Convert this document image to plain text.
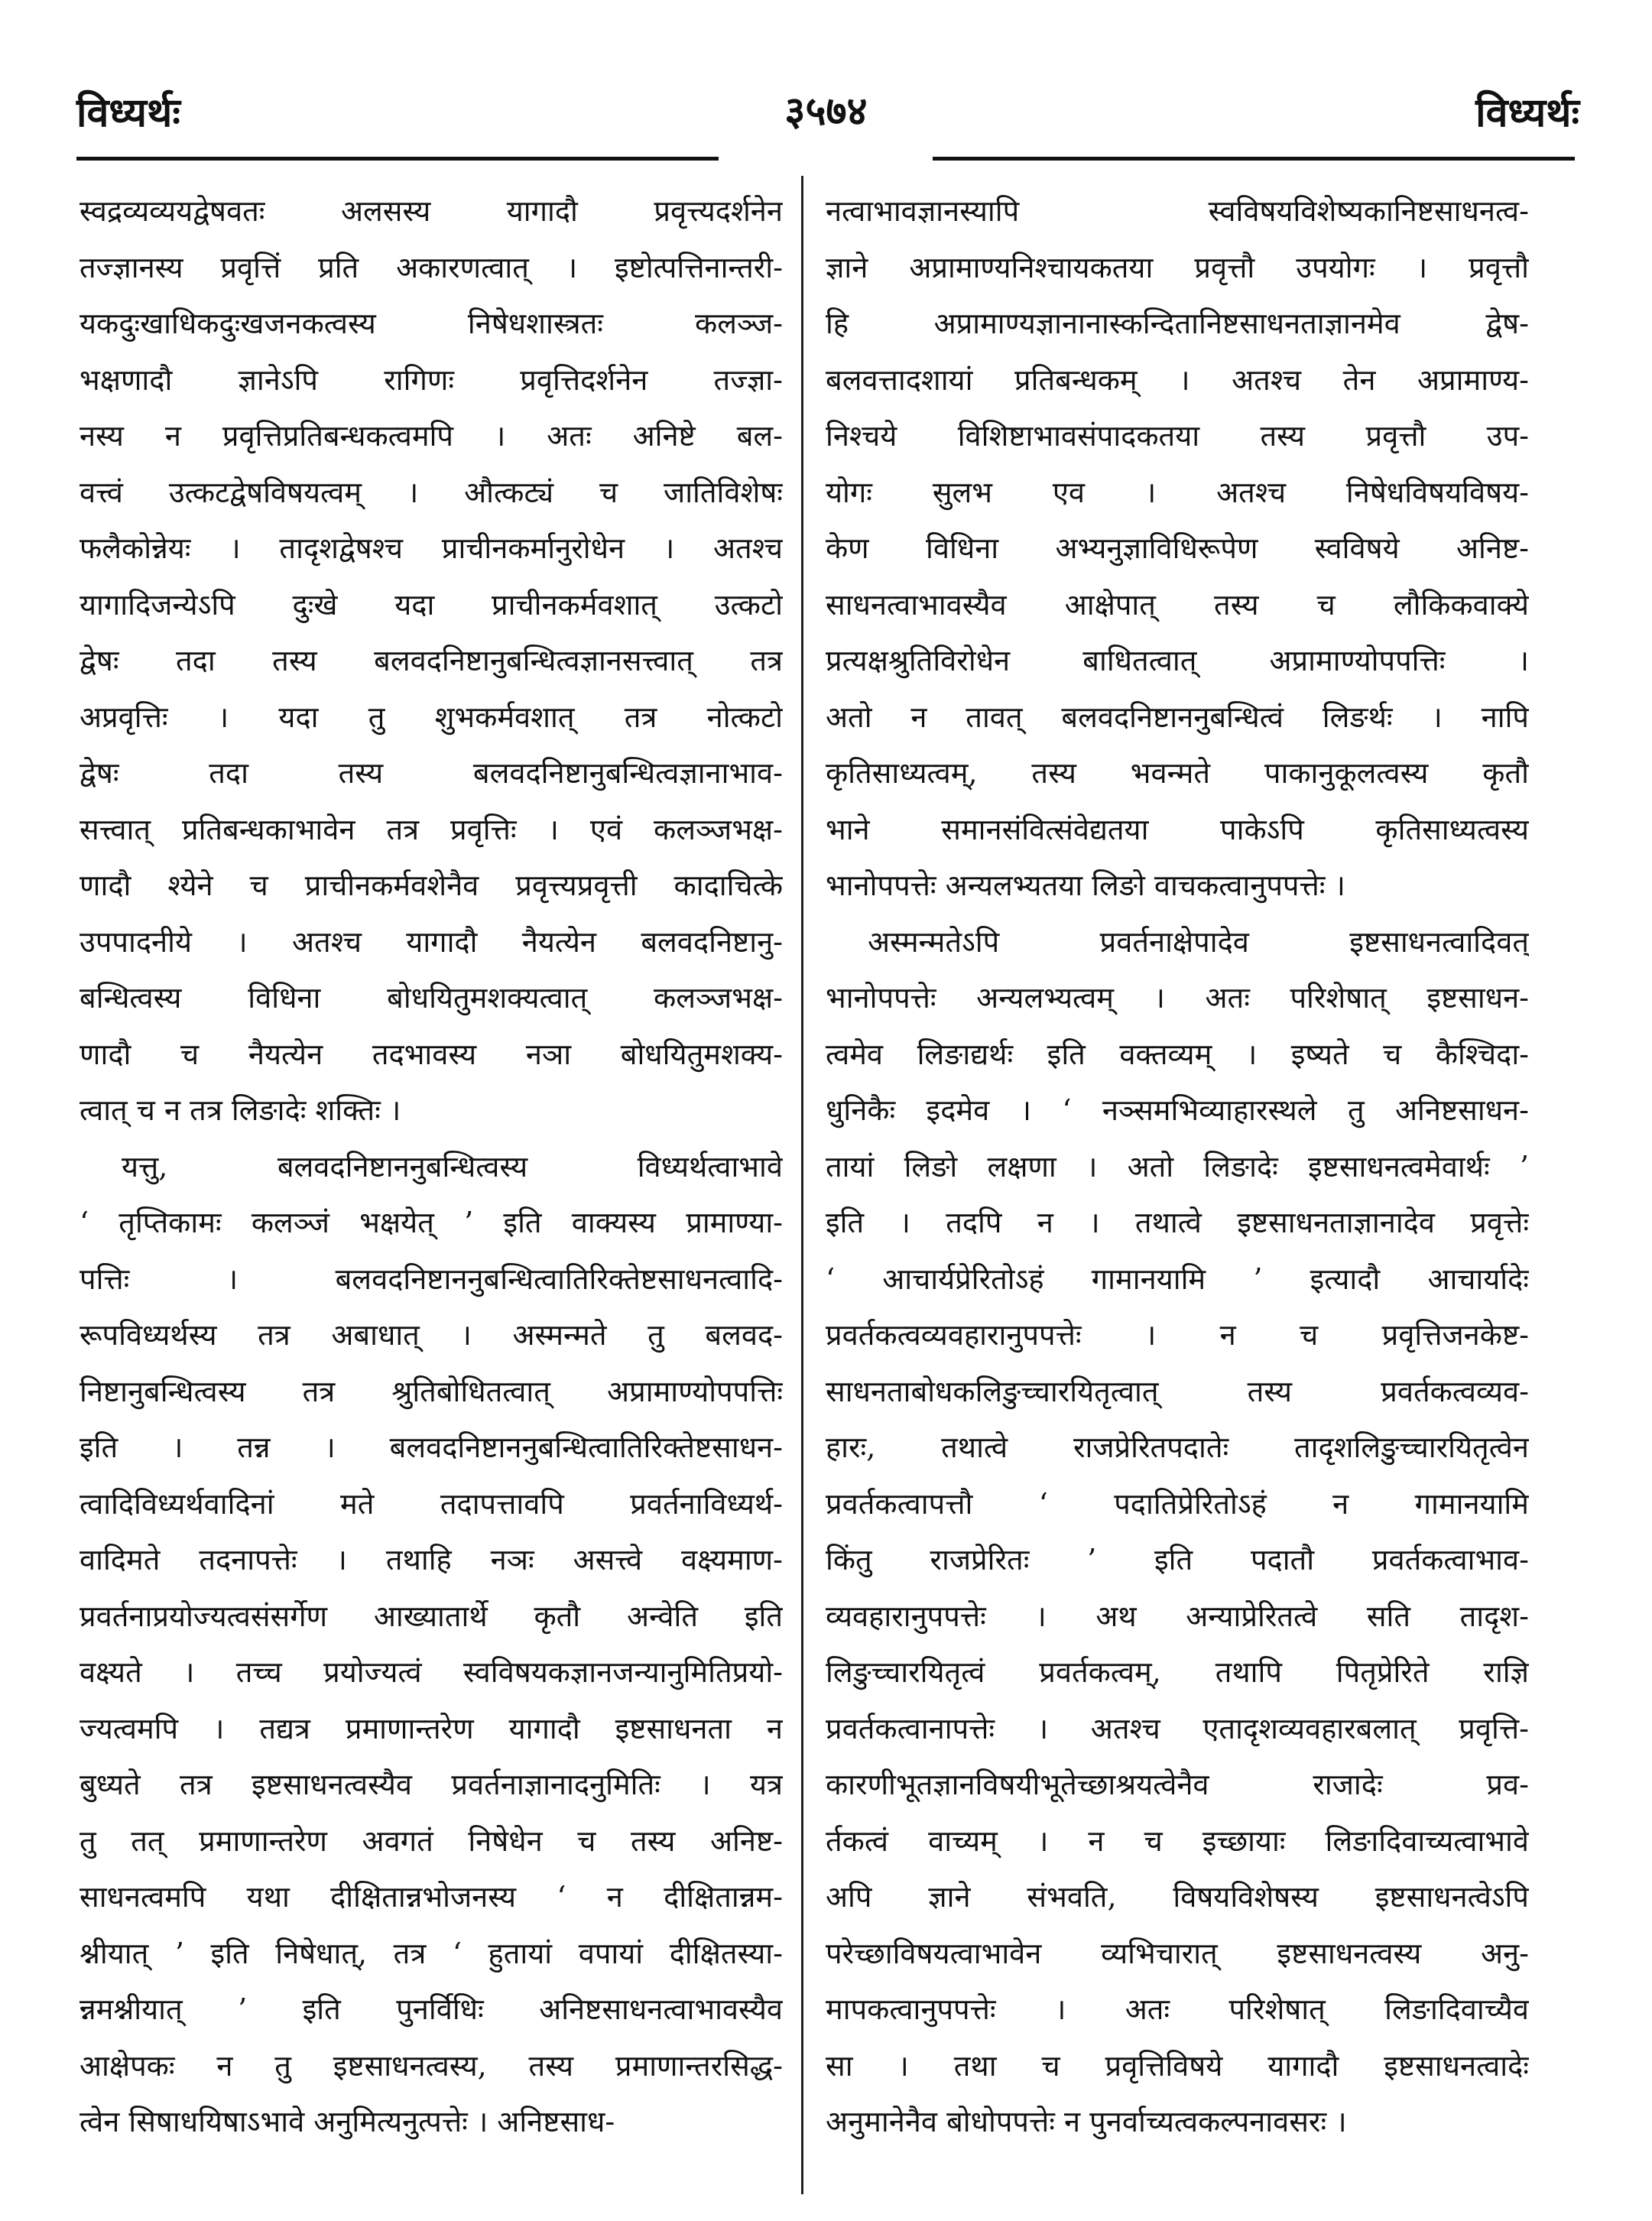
विध्यर्थः	३५७४	विध्यर्थः
स्वद्रव्यव्ययद्वेषवतः अलसस्य यागादौ प्रवृत्त्यदर्शनेन
तज्ज्ञानस्य प्रवृत्तिं प्रति अकारणत्वात् । इष्टोत्पत्तिनान्तरी-
यकदुःखाधिकदुःखजनकत्वस्य निषेधशास्त्रतः कलञ्ज-
भक्षणादौ ज्ञानेऽपि रागिणः प्रवृत्तिदर्शनेन तज्ज्ञा-
नस्य न प्रवृत्तिप्रतिबन्धकत्वमपि । अतः अनिष्टे बल-
वत्त्वं उत्कटद्वेषविषयत्वम् । औत्कट्यं च जातिविशेषः
फलैकोन्नेयः । तादृशद्वेषश्च प्राचीनकर्मानुरोधेन । अतश्च
यागादिजन्येऽपि दुःखे यदा प्राचीनकर्मवशात् उत्कटो
द्वेषः तदा तस्य बलवदनिष्टानुबन्धित्वज्ञानसत्त्वात् तत्र
अप्रवृत्तिः । यदा तु शुभकर्मवशात् तत्र नोत्कटो
द्वेषः तदा तस्य बलवदनिष्टानुबन्धित्वज्ञानाभाव-
सत्त्वात् प्रतिबन्धकाभावेन तत्र प्रवृत्तिः । एवं कलञ्जभक्ष-
णादौ श्येने च प्राचीनकर्मवशेनैव प्रवृत्त्यप्रवृत्ती कादाचित्के
उपपादनीये । अतश्च यागादौ नैयत्येन बलवदनिष्टानु-
बन्धित्वस्य विधिना बोधयितुमशक्यत्वात् कलञ्जभक्ष-
णादौ च नैयत्येन तदभावस्य नञा बोधयितुमशक्य-
त्वात् च न तत्र लिङादेः शक्तिः ।
यत्तु, बलवदनिष्टाननुबन्धित्वस्य विध्यर्थत्वाभावे
‘ तृप्तिकामः कलञ्जं भक्षयेत् ’ इति वाक्यस्य प्रामाण्या-
पत्तिः । बलवदनिष्टाननुबन्धित्वातिरिक्तेष्टसाधनत्वादि-
रूपविध्यर्थस्य तत्र अबाधात् । अस्मन्मते तु बलवद-
निष्टानुबन्धित्वस्य तत्र श्रुतिबोधितत्वात् अप्रामाण्योपपत्तिः
इति । तन्न । बलवदनिष्टाननुबन्धित्वातिरिक्तेष्टसाधन-
त्वादिविध्यर्थवादिनां मते तदापत्तावपि प्रवर्तनाविध्यर्थ-
वादिमते तदनापत्तेः । तथाहि नञः असत्त्वे वक्ष्यमाण-
प्रवर्तनाप्रयोज्यत्वसंसर्गेण आख्यातार्थे कृतौ अन्वेति इति
वक्ष्यते । तच्च प्रयोज्यत्वं स्वविषयकज्ञानजन्यानुमितिप्रयो-
ज्यत्वमपि । तद्यत्र प्रमाणान्तरेण यागादौ इष्टसाधनता न
बुध्यते तत्र इष्टसाधनत्वस्यैव प्रवर्तनाज्ञानादनुमितिः । यत्र
तु तत् प्रमाणान्तरेण अवगतं निषेधेन च तस्य अनिष्ट-
साधनत्वमपि यथा दीक्षितान्नभोजनस्य ‘ न दीक्षितान्नम-
श्नीयात् ’ इति निषेधात्, तत्र ‘ हुतायां वपायां दीक्षितस्या-
न्नमश्नीयात् ’ इति पुनर्विधिः अनिष्टसाधनत्वाभावस्यैव
आक्षेपकः न तु इष्टसाधनत्वस्य, तस्य प्रमाणान्तरसिद्ध-
त्वेन सिषाधयिषाऽभावे अनुमित्यनुत्पत्तेः । अनिष्टसाध-
नत्वाभावज्ञानस्यापि स्वविषयविशेष्यकानिष्टसाधनत्व-
ज्ञाने अप्रामाण्यनिश्चायकतया प्रवृत्तौ उपयोगः । प्रवृत्तौ
हि अप्रामाण्यज्ञानानास्कन्दितानिष्टसाधनताज्ञानमेव द्वेष-
बलवत्तादशायां प्रतिबन्धकम् । अतश्च तेन अप्रामाण्य-
निश्चये विशिष्टाभावसंपादकतया तस्य प्रवृत्तौ उप-
योगः सुलभ एव । अतश्च निषेधविषयविषय-
केण विधिना अभ्यनुज्ञाविधिरूपेण स्वविषये अनिष्ट-
साधनत्वाभावस्यैव आक्षेपात् तस्य च लौकिकवाक्ये
प्रत्यक्षश्रुतिविरोधेन बाधितत्वात् अप्रामाण्योपपत्तिः ।
अतो न तावत् बलवदनिष्टाननुबन्धित्वं लिङर्थः । नापि
कृतिसाध्यत्वम्, तस्य भवन्मते पाकानुकूलत्वस्य कृतौ
भाने समानसंवित्संवेद्यतया पाकेऽपि कृतिसाध्यत्वस्य
भानोपपत्तेः अन्यलभ्यतया लिङो वाचकत्वानुपपत्तेः ।
अस्मन्मतेऽपि प्रवर्तनाक्षेपादेव इष्टसाधनत्वादिवत्
भानोपपत्तेः अन्यलभ्यत्वम् । अतः परिशेषात् इष्टसाधन-
त्वमेव लिङाद्यर्थः इति वक्तव्यम् । इष्यते च कैश्चिदा-
धुनिकैः इदमेव । ‘ नञ्समभिव्याहारस्थले तु अनिष्टसाधन-
तायां लिङो लक्षणा । अतो लिङादेः इष्टसाधनत्वमेवार्थः ’
इति । तदपि न । तथात्वे इष्टसाधनताज्ञानादेव प्रवृत्तेः
‘ आचार्यप्रेरितोऽहं गामानयामि ’ इत्यादौ आचार्यादेः
प्रवर्तकत्वव्यवहारानुपपत्तेः । न च प्रवृत्तिजनकेष्ट-
साधनताबोधकलिङुच्चारयितृत्वात् तस्य प्रवर्तकत्वव्यव-
हारः, तथात्वे राजप्रेरितपदातेः तादृशलिङुच्चारयितृत्वेन
प्रवर्तकत्वापत्तौ ‘ पदातिप्रेरितोऽहं न गामानयामि
किंतु राजप्रेरितः ’ इति पदातौ प्रवर्तकत्वाभाव-
व्यवहारानुपपत्तेः । अथ अन्याप्रेरितत्वे सति तादृश-
लिङुच्चारयितृत्वं प्रवर्तकत्वम्, तथापि पितृप्रेरिते राज्ञि
प्रवर्तकत्वानापत्तेः । अतश्च एतादृशव्यवहारबलात् प्रवृत्ति-
कारणीभूतज्ञानविषयीभूतेच्छाश्रयत्वेनैव राजादेः प्रव-
र्तकत्वं वाच्यम् । न च इच्छायाः लिङादिवाच्यत्वाभावे
अपि ज्ञाने संभवति, विषयविशेषस्य इष्टसाधनत्वेऽपि
परेच्छाविषयत्वाभावेन व्यभिचारात् इष्टसाधनत्वस्य अनु-
मापकत्वानुपपत्तेः । अतः परिशेषात् लिङादिवाच्यैव
सा । तथा च प्रवृत्तिविषये यागादौ इष्टसाधनत्वादेः
अनुमानेनैव बोधोपपत्तेः न पुनर्वाच्यत्वकल्पनावसरः ।
